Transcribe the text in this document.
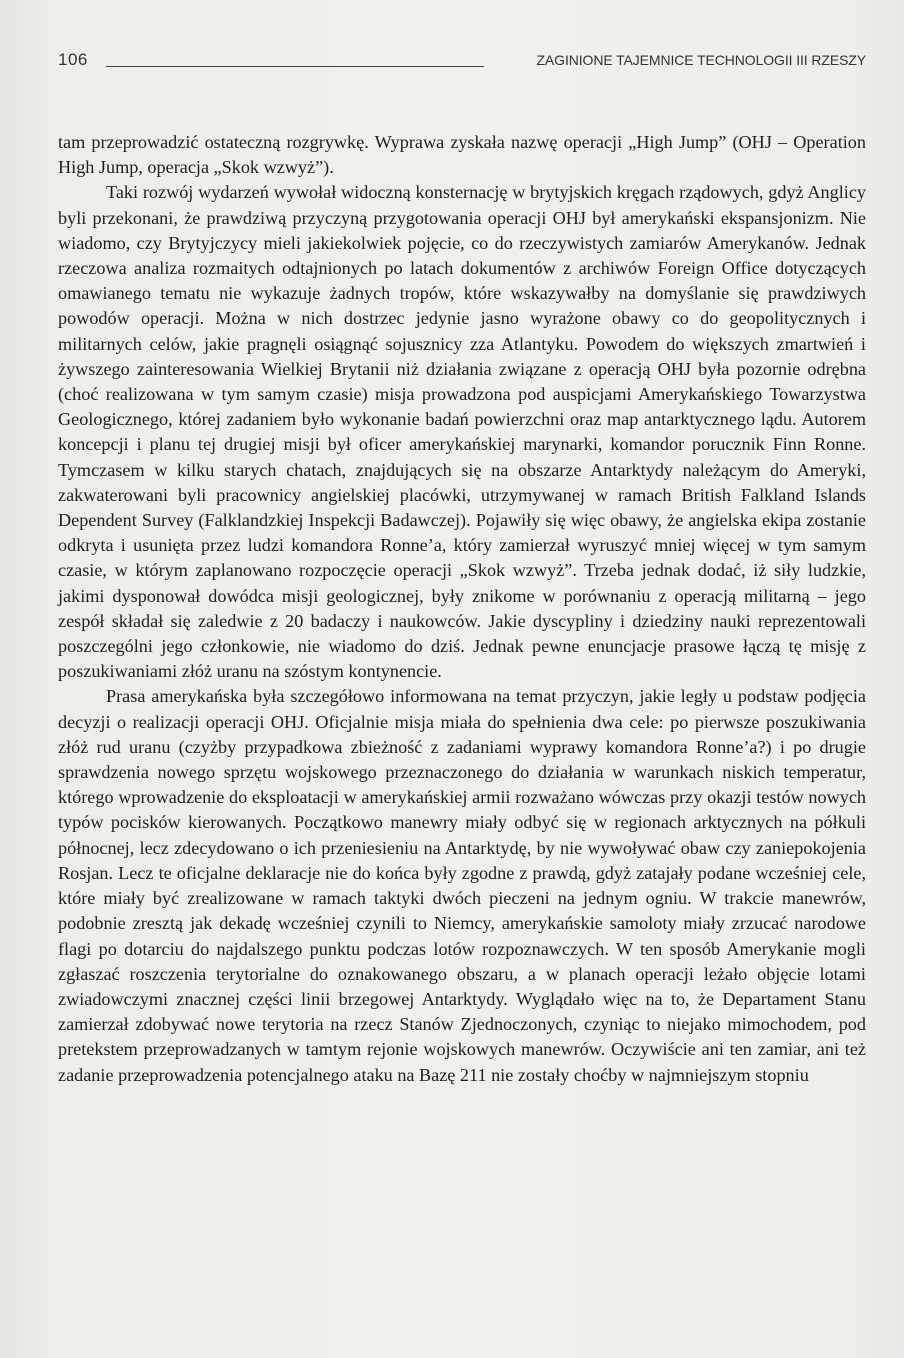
106	ZAGINIONE TAJEMNICE TECHNOLOGII III RZESZY

tam przeprowadzić ostateczną rozgrywkę. Wyprawa zyskała nazwę operacji „High Jump” (OHJ – Operation High Jump, operacja „Skok wzwyż”).

Taki rozwój wydarzeń wywołał widoczną konsternację w brytyjskich kręgach rządowych, gdyż Anglicy byli przekonani, że prawdziwą przyczyną przygotowania operacji OHJ był amerykański ekspansjonizm. Nie wiadomo, czy Brytyjczycy mieli jakiekolwiek pojęcie, co do rzeczywistych zamiarów Amerykanów. Jednak rzeczowa analiza rozmaitych odtajnionych po latach dokumentów z archiwów Foreign Office dotyczących omawianego tematu nie wykazuje żadnych tropów, które wskazywałby na domyślanie się prawdziwych powodów operacji. Można w nich dostrzec jedynie jasno wyrażone obawy co do geopolitycznych i militarnych celów, jakie pragnęli osiągnąć sojusznicy zza Atlantyku. Powodem do większych zmartwień i żywszego zainteresowania Wielkiej Brytanii niż działania związane z operacją OHJ była pozornie odrębna (choć realizowana w tym samym czasie) misja prowadzona pod auspicjami Amerykańskiego Towarzystwa Geologicznego, której zadaniem było wykonanie badań powierzchni oraz map antarktycznego lądu. Autorem koncepcji i planu tej drugiej misji był oficer amerykańskiej marynarki, komandor porucznik Finn Ronne. Tymczasem w kilku starych chatach, znajdujących się na obszarze Antarktydy należącym do Ameryki, zakwaterowani byli pracownicy angielskiej placówki, utrzymywanej w ramach British Falkland Islands Dependent Survey (Falklandzkiej Inspekcji Badawczej). Pojawiły się więc obawy, że angielska ekipa zostanie odkryta i usunięta przez ludzi komandora Ronne’a, który zamierzał wyruszyć mniej więcej w tym samym czasie, w którym zaplanowano rozpoczęcie operacji „Skok wzwyż”. Trzeba jednak dodać, iż siły ludzkie, jakimi dysponował dowódca misji geologicznej, były znikome w porównaniu z operacją militarną – jego zespół składał się zaledwie z 20 badaczy i naukowców. Jakie dyscypliny i dziedziny nauki reprezentowali poszczególni jego członkowie, nie wiadomo do dziś. Jednak pewne enuncjacje prasowe łączą tę misję z poszukiwaniami złóż uranu na szóstym kontynencie.

Prasa amerykańska była szczegółowo informowana na temat przyczyn, jakie legły u podstaw podjęcia decyzji o realizacji operacji OHJ. Oficjalnie misja miała do spełnienia dwa cele: po pierwsze poszukiwania złóż rud uranu (czyżby przypadkowa zbieżność z zadaniami wyprawy komandora Ronne’a?) i po drugie sprawdzenia nowego sprzętu wojskowego przeznaczonego do działania w warunkach niskich temperatur, którego wprowadzenie do eksploatacji w amerykańskiej armii rozważano wówczas przy okazji testów nowych typów pocisków kierowanych. Początkowo manewry miały odbyć się w regionach arktycznych na półkuli północnej, lecz zdecydowano o ich przeniesieniu na Antarktydę, by nie wywoływać obaw czy zaniepokojenia Rosjan. Lecz te oficjalne deklaracje nie do końca były zgodne z prawdą, gdyż zatajały podane wcześniej cele, które miały być zrealizowane w ramach taktyki dwóch pieczeni na jednym ogniu. W trakcie manewrów, podobnie zresztą jak dekadę wcześniej czynili to Niemcy, amerykańskie samoloty miały zrzucać narodowe flagi po dotarciu do najdalszego punktu podczas lotów rozpoznawczych. W ten sposób Amerykanie mogli zgłaszać roszczenia terytorialne do oznakowanego obszaru, a w planach operacji leżało objęcie lotami zwiadowczymi znacznej części linii brzegowej Antarktydy. Wyglądało więc na to, że Departament Stanu zamierzał zdobywać nowe terytoria na rzecz Stanów Zjednoczonych, czyniąc to niejako mimochodem, pod pretekstem przeprowadzanych w tamtym rejonie wojskowych manewrów. Oczywiście ani ten zamiar, ani też zadanie przeprowadzenia potencjalnego ataku na Bazę 211 nie zostały choćby w najmniejszym stopniu
